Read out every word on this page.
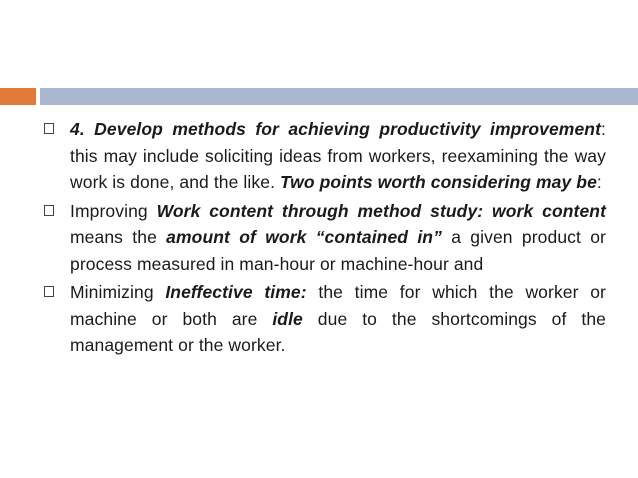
4. Develop methods for achieving productivity improvement: this may include soliciting ideas from workers, reexamining the way work is done, and the like. Two points worth considering may be:
Improving Work content through method study: work content means the amount of work “contained in” a given product or process measured in man-hour or machine-hour and
Minimizing Ineffective time: the time for which the worker or machine or both are idle due to the shortcomings of the management or the worker.
